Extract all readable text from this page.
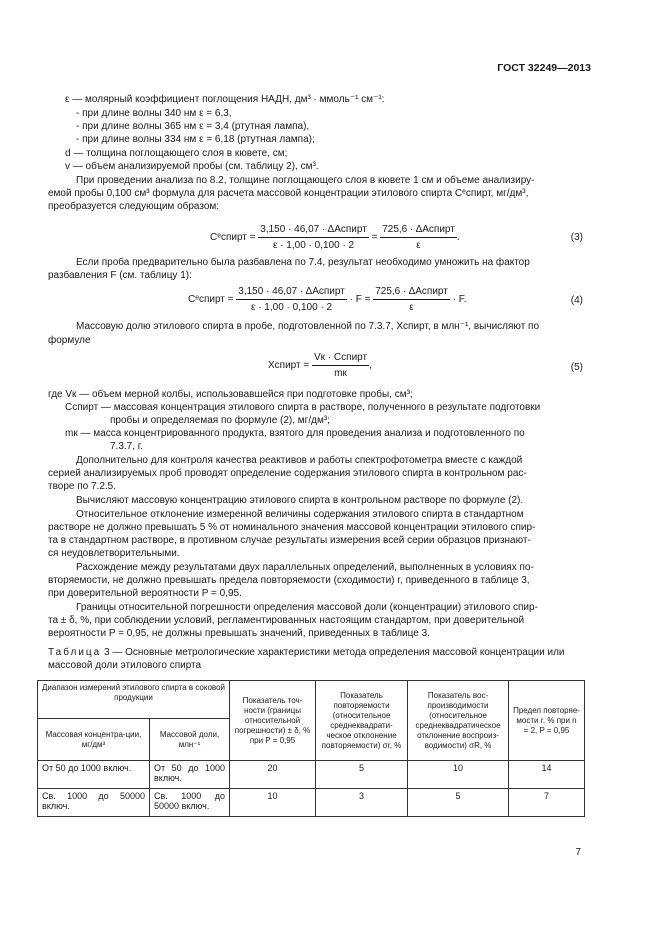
ГОСТ 32249—2013
ε — молярный коэффициент поглощения НАДН, дм³ · ммоль⁻¹ см⁻¹:
- при длине волны 340 нм ε = 6,3,
- при длине волны 365 нм ε = 3,4 (ртутная лампа),
- при длине волны 334 нм ε = 6,18 (ртутная лампа);
d — толщина поглощающего слоя в кювете, см;
v — объем анализируемой пробы (см. таблицу 2), см³.
При проведении анализа по 8.2, толщине поглощающего слоя в кювете 1 см и объеме анализиру-
емой пробы 0,100 см³ формула для расчета массовой концентрации этилового спирта Cᵉспирт, мг/дм³,
преобразуется следующим образом:
Cᵉспирт = $\frac{\text{3,150 · 46,07 · ΔAспирт}}{\varepsilon \cdot 1,00 \cdot 0,100 \cdot 2} = \frac{\text{725,6 · ΔAспирт}}{\varepsilon}$ .	(3)
Если проба предварительно была разбавлена по 7.4, результат необходимо умножить на фактор
разбавления F (см. таблицу 1):
Cᵉспирт = $\frac{\text{3,150 · 46,07 · ΔAспирт}}{\varepsilon \cdot 1,00 \cdot 0,100 \cdot 2} \cdot F = \frac{\text{725,6 · ΔAспирт}}{\varepsilon} \cdot F$.	(4)
Массовую долю этилового спирта в пробе, подготовленной по 7.3.7, Xспирт, в млн⁻¹, вычисляют по
формуле
Xспирт = $\frac{\text{Vк · Cспирт}}{mк}$ ,	(5)
где Vк — объем мерной колбы, использовавшейся при подготовке пробы, см³;
Cспирт — массовая концентрация этилового спирта в растворе, полученного в результате подготовки
пробы и определяемая по формуле (2), мг/дм³;
mк — масса концентрированного продукта, взятого для проведения анализа и подготовленного по
7.3.7, г.
Дополнительно для контроля качества реактивов и работы спектрофотометра вместе с каждой
серией анализируемых проб проводят определение содержания этилового спирта в контрольном рас-
творе по 7.2.5.
Вычисляют массовую концентрацию этилового спирта в контрольном растворе по формуле (2).
Относительное отклонение измеренной величины содержания этилового спирта в стандартном
растворе не должно превышать 5 % от номинального значения массовой концентрации этилового спир-
та в стандартном растворе, в противном случае результаты измерения всей серии образцов признают-
ся неудовлетворительными.
Расхождение между результатами двух параллельных определений, выполненных в условиях по-
вторяемости, не должно превышать предела повторяемости (сходимости) r, приведенного в таблице 3,
при доверительной вероятности P = 0,95.
Границы относительной погрешности определения массовой доли (концентрации) этилового спир-
та ± δ, %, при соблюдении условий, регламентированных настоящим стандартом, при доверительной
вероятности P = 0,95, не должны превышать значений, приведенных в таблице 3.
Таблица 3 — Основные метрологические характеристики метода определения массовой концентрации или
массовой доли этилового спирта
Диапазон измерений этилового спирта в соковой продукции		Показатель точ-ности (границы относительной погрешности) ± δ, % при P = 0,95	Показатель повторяемости (относительное среднеквадрати-ческое отклонение повторяемости) σr, %	Показатель вос-производимости (относительное среднеквадратическое отклонение воспроиз-водимости) σR, %	Предел повторяе-мости r, % при n = 2, P = 0,95
Массовая концентра-ции, мг/дм³	Массовой доли, млн⁻¹				
От 50 до 1000 включ.	От 50 до 1000 включ.	20	5	10	14
Св. 1000 до 50000 включ.	Св. 1000 до 50000 включ.	10	3	5	7
7
